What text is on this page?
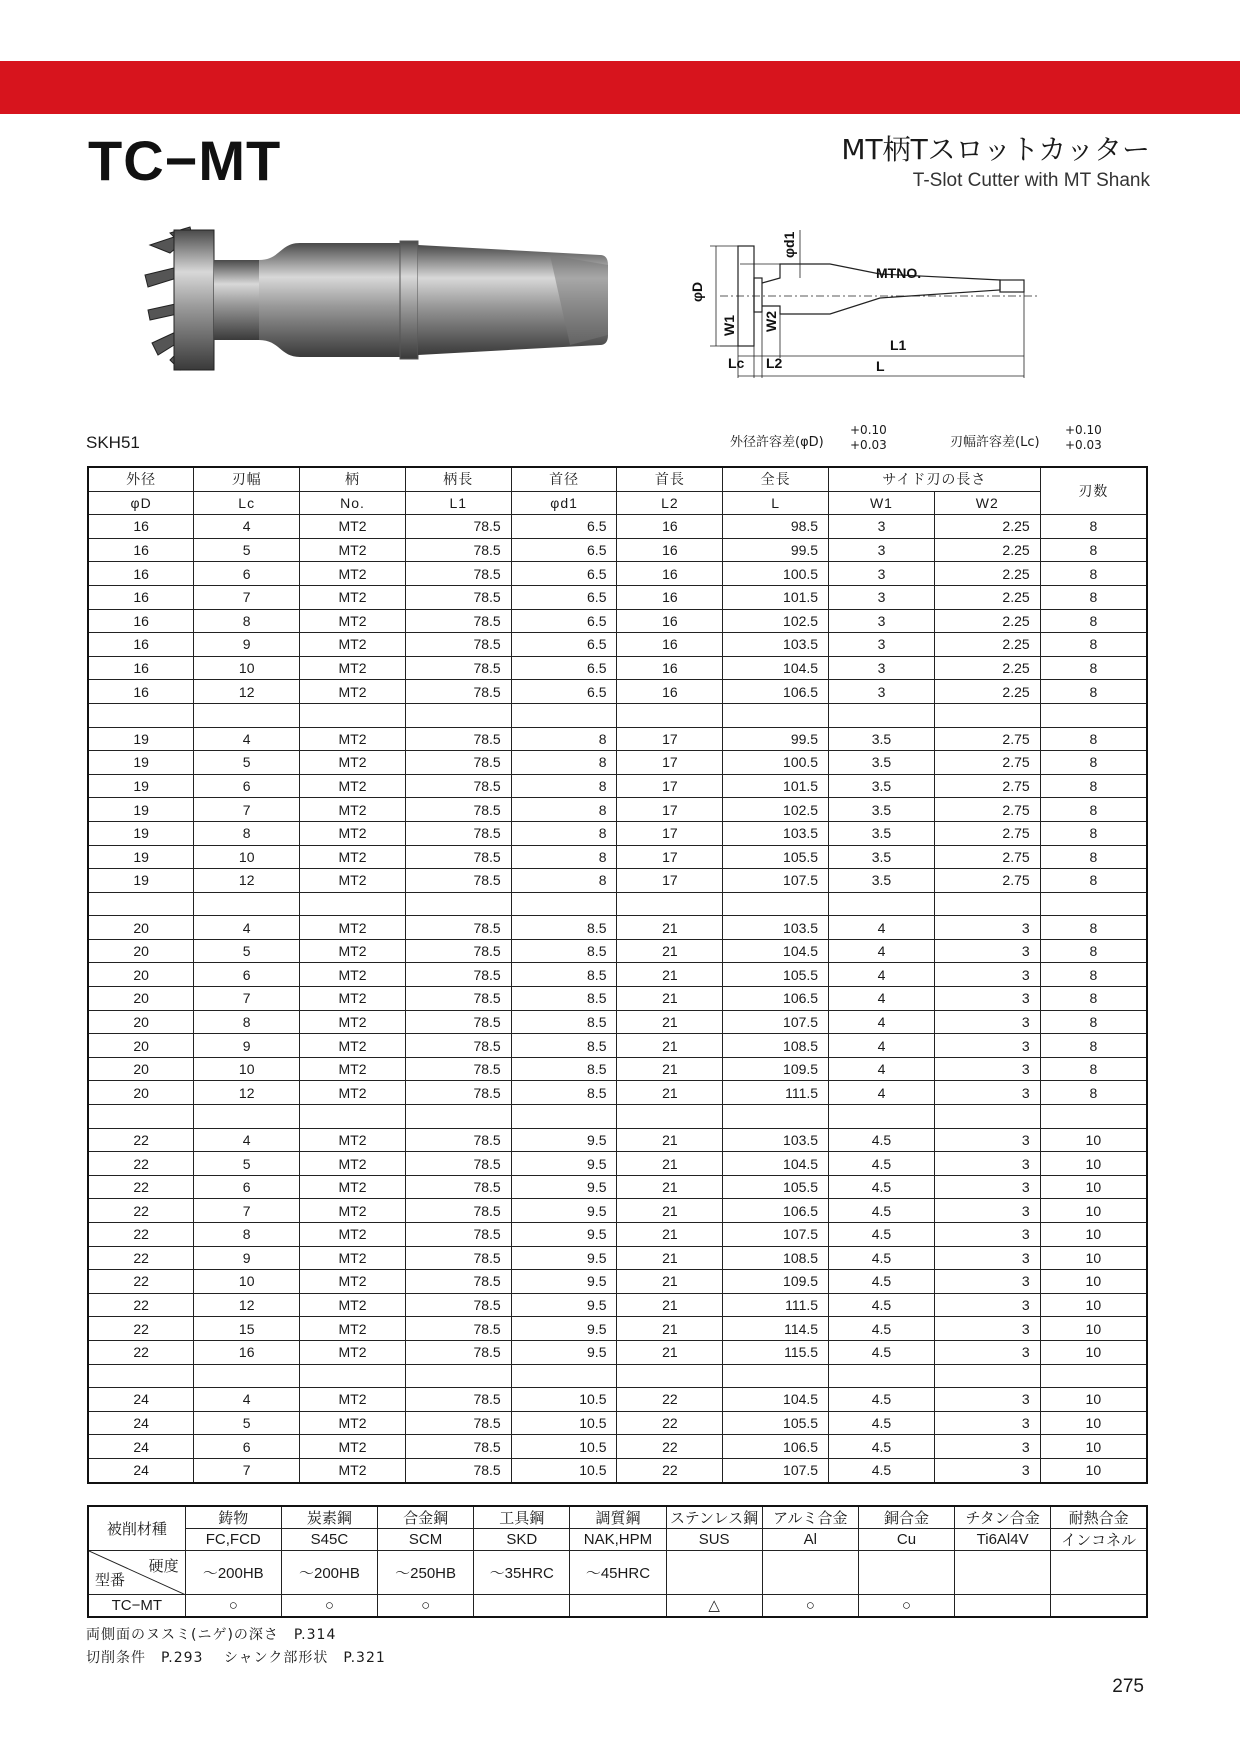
TC−MT	MT柄Tスロットカッター
T-Slot Cutter with MT Shank
φD
φd1
MTNO.
W1 W2
Lc L2
L1
L
SKH51	外径許容差(φD)
+0.10
+0.03	刃幅許容差(Lc)
+0.10
+0.03
外径	刃幅	柄	柄長	首径	首長	全長	サイド刃の長さ		刃数
φD	Lc	No.	L1	φd1	L2	L	W1	W2	
16	4	MT2	78.5	6.5	16	98.5	3	2.25	8
16	5	MT2	78.5	6.5	16	99.5	3	2.25	8
16	6	MT2	78.5	6.5	16	100.5	3	2.25	8
16	7	MT2	78.5	6.5	16	101.5	3	2.25	8
16	8	MT2	78.5	6.5	16	102.5	3	2.25	8
16	9	MT2	78.5	6.5	16	103.5	3	2.25	8
16	10	MT2	78.5	6.5	16	104.5	3	2.25	8
16	12	MT2	78.5	6.5	16	106.5	3	2.25	8

19	4	MT2	78.5	8	17	99.5	3.5	2.75	8
19	5	MT2	78.5	8	17	100.5	3.5	2.75	8
19	6	MT2	78.5	8	17	101.5	3.5	2.75	8
19	7	MT2	78.5	8	17	102.5	3.5	2.75	8
19	8	MT2	78.5	8	17	103.5	3.5	2.75	8
19	10	MT2	78.5	8	17	105.5	3.5	2.75	8
19	12	MT2	78.5	8	17	107.5	3.5	2.75	8

20	4	MT2	78.5	8.5	21	103.5	4	3	8
20	5	MT2	78.5	8.5	21	104.5	4	3	8
20	6	MT2	78.5	8.5	21	105.5	4	3	8
20	7	MT2	78.5	8.5	21	106.5	4	3	8
20	8	MT2	78.5	8.5	21	107.5	4	3	8
20	9	MT2	78.5	8.5	21	108.5	4	3	8
20	10	MT2	78.5	8.5	21	109.5	4	3	8
20	12	MT2	78.5	8.5	21	111.5	4	3	8

22	4	MT2	78.5	9.5	21	103.5	4.5	3	10
22	5	MT2	78.5	9.5	21	104.5	4.5	3	10
22	6	MT2	78.5	9.5	21	105.5	4.5	3	10
22	7	MT2	78.5	9.5	21	106.5	4.5	3	10
22	8	MT2	78.5	9.5	21	107.5	4.5	3	10
22	9	MT2	78.5	9.5	21	108.5	4.5	3	10
22	10	MT2	78.5	9.5	21	109.5	4.5	3	10
22	12	MT2	78.5	9.5	21	111.5	4.5	3	10
22	15	MT2	78.5	9.5	21	114.5	4.5	3	10
22	16	MT2	78.5	9.5	21	115.5	4.5	3	10

24	4	MT2	78.5	10.5	22	104.5	4.5	3	10
24	5	MT2	78.5	10.5	22	105.5	4.5	3	10
24	6	MT2	78.5	10.5	22	106.5	4.5	3	10
24	7	MT2	78.5	10.5	22	107.5	4.5	3	10
被削材種	鋳物	炭素鋼	合金鋼	工具鋼	調質鋼	ステンレス鋼	アルミ合金	銅合金	チタン合金	耐熱合金
	FC,FCD	S45C	SCM	SKD	NAK,HPM	SUS	Al	Cu	Ti6Al4V	インコネル

硬度
型番	〜200HB	〜200HB	〜250HB	〜35HRC	〜45HRC					
TC−MT	○	○	○			△	○	○		
両側面のヌスミ(ニゲ)の深さ　P.314
切削条件　P.293　 シャンク部形状　P.321
275
